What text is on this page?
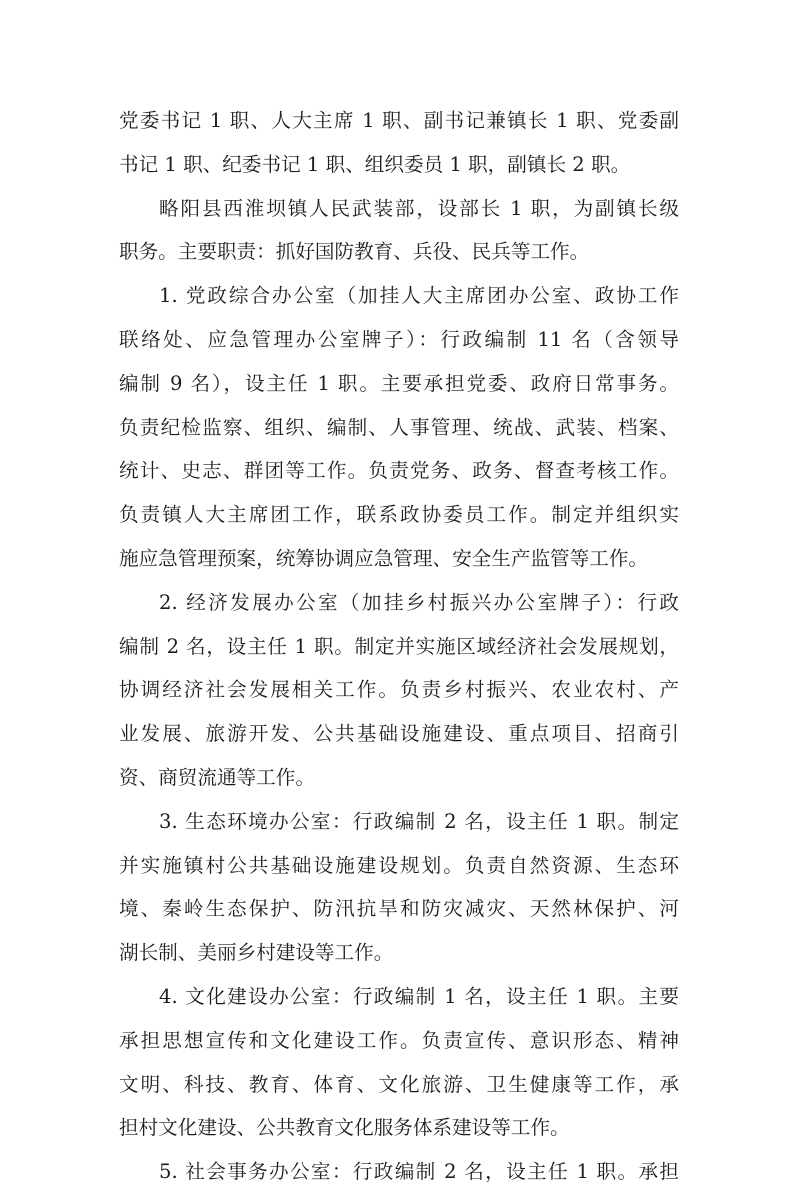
党委书记 1 职、人大主席 1 职、副书记兼镇长 1 职、党委副
书记 1 职、纪委书记 1 职、组织委员 1 职，副镇长 2 职。
略阳县西淮坝镇人民武装部，设部长 1 职，为副镇长级
职务。主要职责：抓好国防教育、兵役、民兵等工作。
1. 党政综合办公室（加挂人大主席团办公室、政协工作
联络处、应急管理办公室牌子）：行政编制 11 名（含领导
编制 9 名），设主任 1 职。主要承担党委、政府日常事务。
负责纪检监察、组织、编制、人事管理、统战、武装、档案、
统计、史志、群团等工作。负责党务、政务、督查考核工作。
负责镇人大主席团工作，联系政协委员工作。制定并组织实
施应急管理预案，统筹协调应急管理、安全生产监管等工作。
2. 经济发展办公室（加挂乡村振兴办公室牌子）：行政
编制 2 名，设主任 1 职。制定并实施区域经济社会发展规划，
协调经济社会发展相关工作。负责乡村振兴、农业农村、产
业发展、旅游开发、公共基础设施建设、重点项目、招商引
资、商贸流通等工作。
3. 生态环境办公室：行政编制 2 名，设主任 1 职。制定
并实施镇村公共基础设施建设规划。负责自然资源、生态环
境、秦岭生态保护、防汛抗旱和防灾减灾、天然林保护、河
湖长制、美丽乡村建设等工作。
4. 文化建设办公室：行政编制 1 名，设主任 1 职。主要
承担思想宣传和文化建设工作。负责宣传、意识形态、精神
文明、科技、教育、体育、文化旅游、卫生健康等工作，承
担村文化建设、公共教育文化服务体系建设等工作。
5. 社会事务办公室：行政编制 2 名，设主任 1 职。承担
